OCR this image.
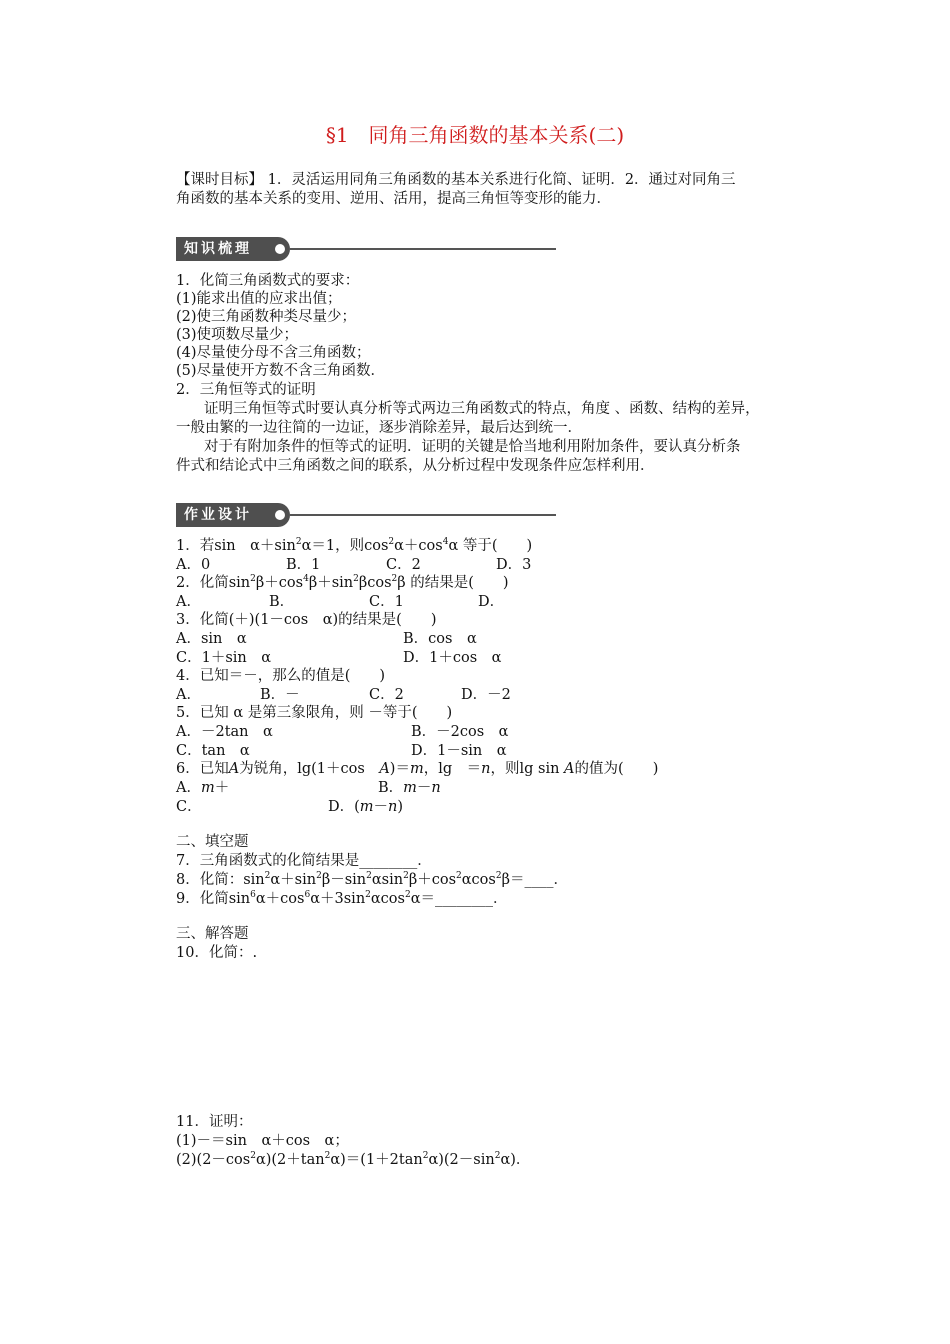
§1　同角三角函数的基本关系(二)
【课时目标】 1．灵活运用同角三角函数的基本关系进行化简、证明．2．通过对同角三
角函数的基本关系的变用、逆用、活用，提高三角恒等变形的能力．
知识梳理
1．化简三角函数式的要求：
(1)能求出值的应求出值；
(2)使三角函数种类尽量少；
(3)使项数尽量少；
(4)尽量使分母不含三角函数；
(5)尽量使开方数不含三角函数．
2．三角恒等式的证明
证明三角恒等式时要认真分析等式两边三角函数式的特点，角度 、函数、结构的差异，
一般由繁的一边往简的一边证，逐步消除差异，最后达到统一．
对于有附加条件的恒等式的证明．证明的关键是恰当地利用附加条件，要认真分析条
件式和结论式中三角函数之间的联系，从分析过程中发现条件应怎样利用．
作业设计
1．若sin　$\alpha+\sin^2\alpha=1$，则$\cos^2\alpha+\cos^4\alpha$ 等于(　　)
A．0	B．1	C．2	D．3
2．化简$\sin^2\beta+\cos^4\beta+\sin^2\beta\cos^2\beta$ 的结果是(　　)
A．	B．	C．1	D．
3．化简(＋)(1－cos　α)的结果是(　　)
A．sin　α	B．cos　α
C．1＋sin　α	D．1＋cos　α
4．已知＝－，那么的值是(　　)
A．	B．－	C．2	D．－2
5．已知 α 是第三象限角，则 －等于(　　)
A．－2tan　α	B．－2cos　α
C．tan　α	D．1－sin　α
6．已知A为锐角，lg(1＋cos　A)＝m，lg　＝n，则lg sin A的值为(　　)
A．m＋	B．m－n
C．	D．(m－n)
二、填空题
7．三角函数式的化简结果是________．
8．化简：$\sin^2\alpha+\sin^2\beta-\sin^2\alpha\sin^2\beta+\cos^2\alpha\cos^2\beta=\_\_\_\_$．
9．化简$\sin^6\alpha+\cos^6\alpha+3\sin^2\alpha\cos^2\alpha=\_\_\_\_\_\_\_\_$．
三、解答题
10．化简：.
11．证明：
(1)－＝sin　α＋cos　α；
$(2)(2-\cos^2\alpha)(2+\tan^2\alpha)=(1+2\tan^2\alpha)(2-\sin^2\alpha)$．
